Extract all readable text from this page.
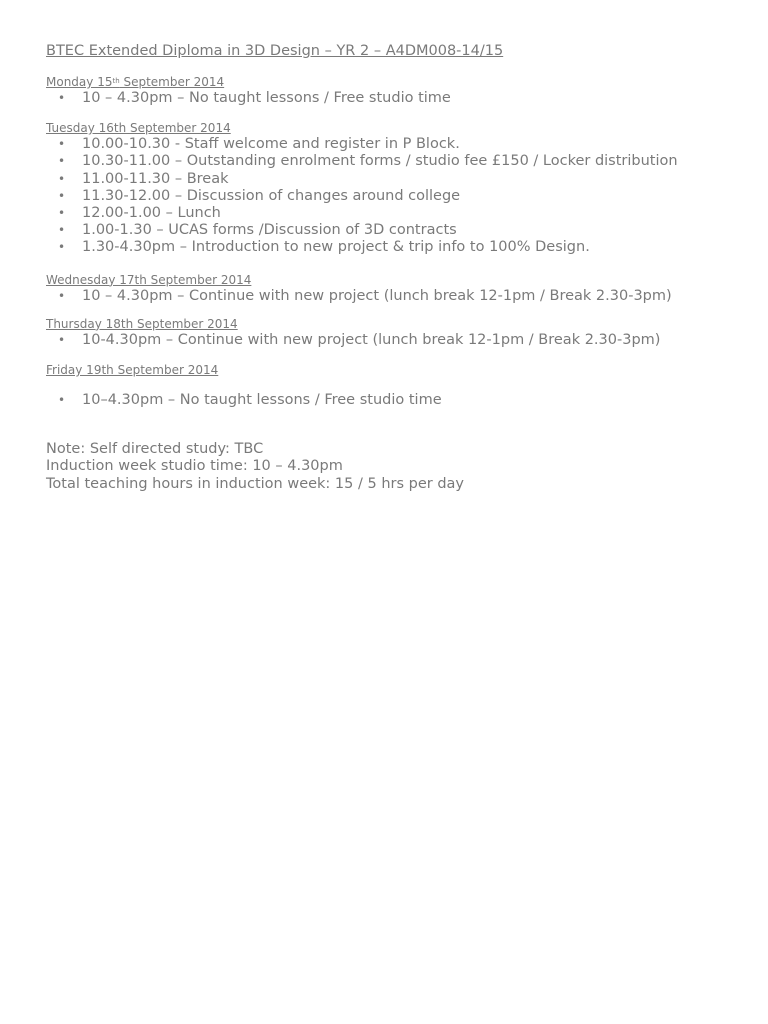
BTEC Extended Diploma in 3D Design – YR 2 – A4DM008-14/15
Monday 15th September 2014
• 10 – 4.30pm – No taught lessons / Free studio time
Tuesday 16th September 2014
• 10.00-10.30 - Staff welcome and register in P Block.
• 10.30-11.00 – Outstanding enrolment forms / studio fee £150 / Locker distribution
• 11.00-11.30 – Break
• 11.30-12.00 – Discussion of changes around college
• 12.00-1.00 – Lunch
• 1.00-1.30 – UCAS forms /Discussion of 3D contracts
• 1.30-4.30pm – Introduction to new project & trip info to 100% Design.
Wednesday 17th September 2014
• 10 – 4.30pm – Continue with new project (lunch break 12-1pm / Break 2.30-3pm)
Thursday 18th September 2014
• 10-4.30pm – Continue with new project (lunch break 12-1pm / Break 2.30-3pm)
Friday 19th September 2014
• 10–4.30pm – No taught lessons / Free studio time

Note: Self directed study: TBC

Induction week studio time: 10 – 4.30pm

Total teaching hours in induction week: 15 / 5 hrs per day
